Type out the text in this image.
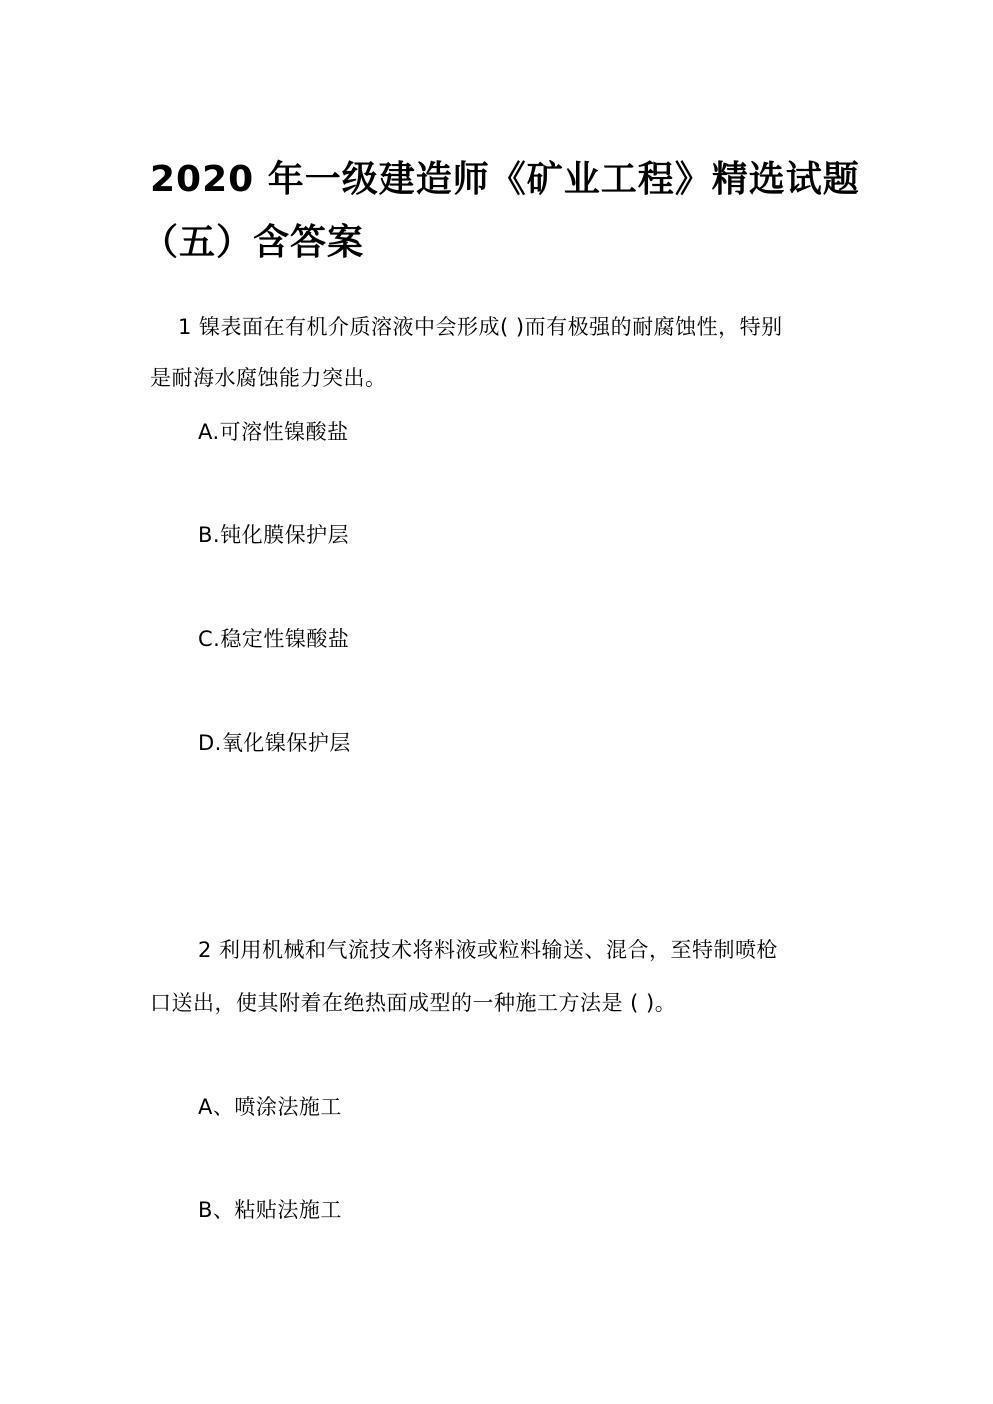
2020 年一级建造师《矿业工程》精选试题
（五）含答案
1 镍表面在有机介质溶液中会形成( )而有极强的耐腐蚀性，特别
是耐海水腐蚀能力突出。
A.可溶性镍酸盐
B.钝化膜保护层
C.稳定性镍酸盐
D.氧化镍保护层
2 利用机械和气流技术将料液或粒料输送、混合，至特制喷枪
口送出，使其附着在绝热面成型的一种施工方法是 ( )。
A、喷涂法施工
B、粘贴法施工
